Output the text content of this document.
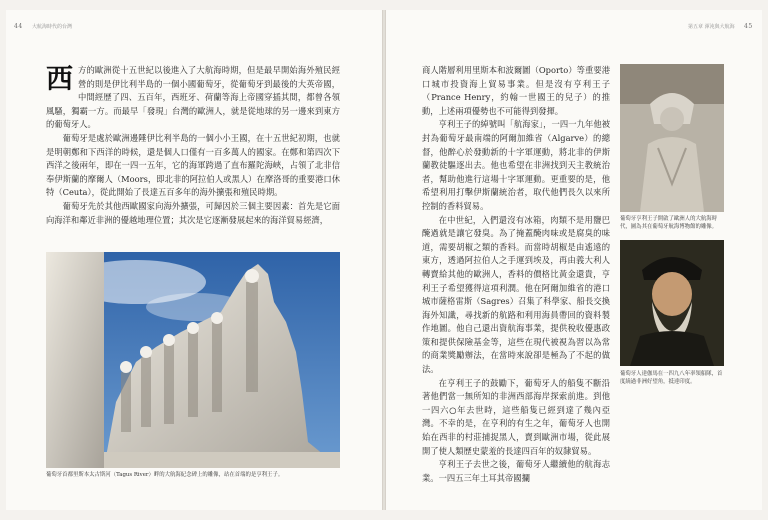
44 大航海時代的台灣

西方的歐洲從十五世紀以後進入了大航海時期，但是最早開始海外殖民經營的則是伊比利半島的一個小國葡萄牙，從葡萄牙到最後的大英帝國，中間經歷了四、五百年，西班牙、荷蘭等海上帝國穿插其間，都曾各領風騷，獨霸一方。而最早「發現」台灣的歐洲人，就是從地球的另一邊來到東方的葡萄牙人。

葡萄牙是處於歐洲邊陲伊比利半島的一個小小王國，在十五世紀初期，也就是明朝鄭和下西洋的時候，還是個人口僅有一百多萬人的國家。在鄭和第四次下西洋之後兩年，即在一四一五年，它的海軍跨過了直布羅陀海峽，占領了北非信奉伊斯蘭的摩爾人（Moors，即北非的阿拉伯人或黑人）在摩洛哥的重要港口休特（Ceuta），從此開始了長達五百多年的海外擴張和殖民時期。

葡萄牙先於其他西歐國家向海外擴張，可歸因於三個主要因素：首先是它面向海洋和鄰近非洲的優越地理位置；其次是它逐漸發展起來的海洋貿易經濟，

葡萄牙首都里斯本太古斯河（Tagus River）畔的大航海紀念碑上的雕像，站在首端的是亨利王子。
第五章 渾沌與大航海 45

商人階層利用里斯本和波爾圖（Oporto）等重要港口城市投資海上貿易事業。但是沒有亨利王子（Prance Henry，約翰一世國王的兒子）的推動，上述兩項優勢也不可能得到發揮。

亨利王子的綽號叫「航海家」，一四一九年他被封為葡萄牙最南端的阿爾加維省（Algarve）的總督，他醉心於發動新的十字軍運動，將北非的伊斯蘭教徒驅逐出去。他也希望在非洲找到天主教統治者，幫助他進行這場十字軍運動。更重要的是，他希望利用打擊伊斯蘭統治者，取代他們長久以來所控制的香料貿易。

在中世紀，入們還沒有冰箱，肉類不是用鹽巴醃過就是讓它發臭。為了掩蓋醃肉味或是腐臭的味道，需要胡椒之類的香料。而當時胡椒是由遙遠的東方，透過阿拉伯人之手運到埃及，再由義大利人轉賣給其他的歐洲人，香料的價格比黃金還貴，亨利王子希望獲得這項利潤。他在阿爾加維省的港口城市薩格雷斯（Sagres）召集了科學家、船長交換海外知識，尋找新的航路和利用海員帶回的資料製作地圖。他自己還出資航海事業，提供稅收優惠政策和提供保險基金等，這些在現代被視為習以為常的商業獎勵辦法，在當時來說卻是極為了不起的做法。

在亨利王子的鼓勵下，葡萄牙人的船隻不斷沿著他們當一無所知的非洲西部海岸探索前進。到他一四六○年去世時，這些船隻已經到達了幾內亞灣。不幸的是，在亨利的有生之年，葡萄牙人也開始在西非的村莊捕捉黑人，賣到歐洲市場，從此展開了使人類歷史蒙羞的長達四百年的奴隸貿易。

亨利王子去世之後，葡萄牙人繼續他的航海志業。一四五三年土耳其帝國攔

葡萄牙亨利王子開啟了歐洲人的大航海時代，圖為其在葡萄牙航海博物館的雕像。
葡萄牙人達伽馬在一四九八年率領船隊，首度繞過非洲好望角，抵達印度。
